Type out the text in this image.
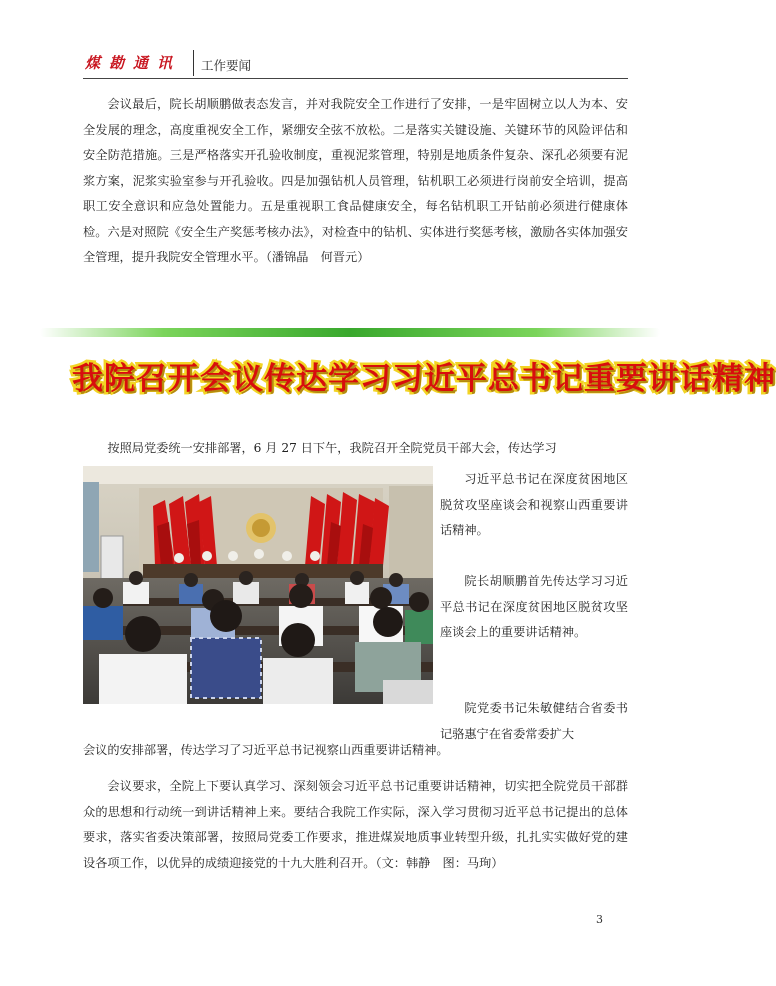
煤勘通讯 工作要闻

会议最后，院长胡顺鹏做表态发言，并对我院安全工作进行了安排，一是牢固树立以人为本、安全发展的理念，高度重视安全工作，紧绷安全弦不放松。二是落实关键设施、关键环节的风险评估和安全防范措施。三是严格落实开孔验收制度，重视泥浆管理，特别是地质条件复杂、深孔必须要有泥浆方案，泥浆实验室参与开孔验收。四是加强钻机人员管理，钻机职工必须进行岗前安全培训，提高职工安全意识和应急处置能力。五是重视职工食品健康安全，每名钻机职工开钻前必须进行健康体检。六是对照院《安全生产奖惩考核办法》，对检查中的钻机、实体进行奖惩考核，激励各实体加强安全管理，提升我院安全管理水平。（潘锦晶　何晋元）

我院召开会议传达学习习近平总书记重要讲话精神

按照局党委统一安排部署，6 月 27 日下午，我院召开全院党员干部大会，传达学习

习近平总书记在深度贫困地区脱贫攻坚座谈会和视察山西重要讲话精神。

院长胡顺鹏首先传达学习习近平总书记在深度贫困地区脱贫攻坚座谈会上的重要讲话精神。

院党委书记朱敏健结合省委书记骆惠宁在省委常委扩大

会议的安排部署，传达学习了习近平总书记视察山西重要讲话精神。

会议要求，全院上下要认真学习、深刻领会习近平总书记重要讲话精神，切实把全院党员干部群众的思想和行动统一到讲话精神上来。要结合我院工作实际，深入学习贯彻习近平总书记提出的总体要求，落实省委决策部署，按照局党委工作要求，推进煤炭地质事业转型升级，扎扎实实做好党的建设各项工作，以优异的成绩迎接党的十九大胜利召开。（文：韩静　图：马珣）

3
